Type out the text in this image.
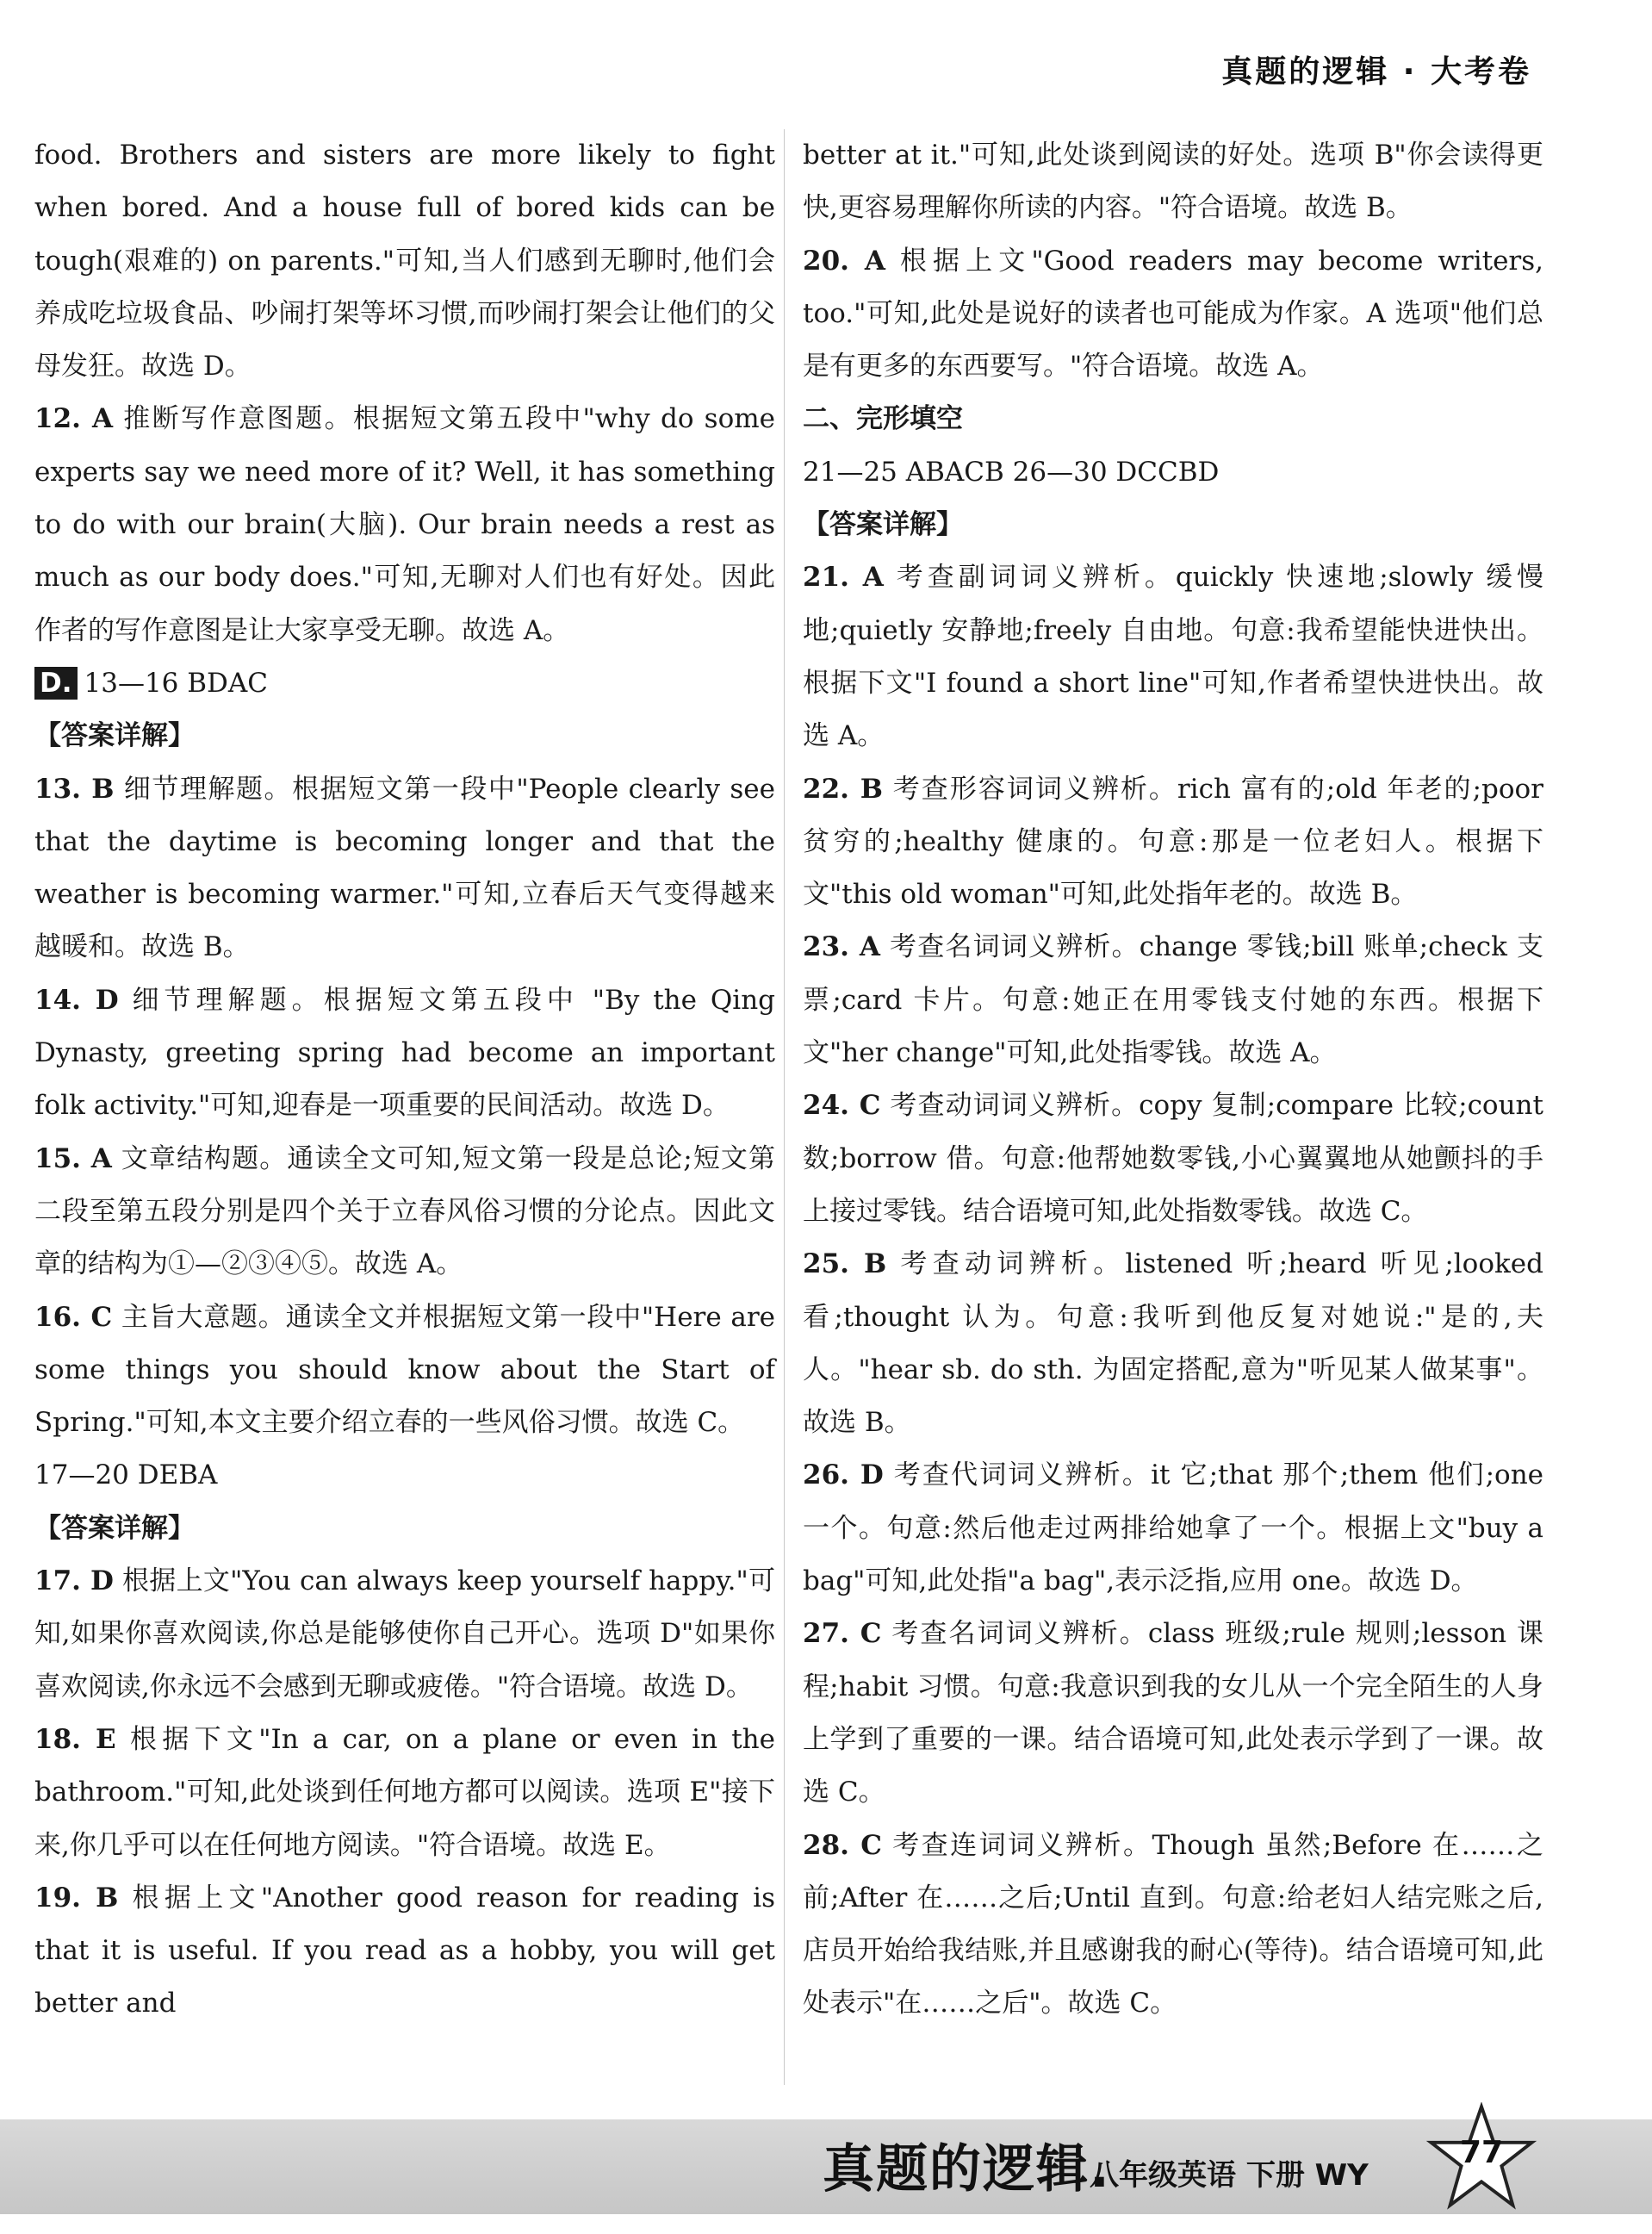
真题的逻辑 · 大考卷

food. Brothers and sisters are more likely to fight when bored. And a house full of bored kids can be tough(艰难的) on parents."可知,当人们感到无聊时,他们会养成吃垃圾食品、吵闹打架等坏习惯,而吵闹打架会让他们的父母发狂。故选 D。

12. A 推断写作意图题。根据短文第五段中"why do some experts say we need more of it? Well, it has something to do with our brain(大脑). Our brain needs a rest as much as our body does."可知,无聊对人们也有好处。因此作者的写作意图是让大家享受无聊。故选 A。

D. 13—16 BDAC

【答案详解】

13. B 细节理解题。根据短文第一段中"People clearly see that the daytime is becoming longer and that the weather is becoming warmer."可知,立春后天气变得越来越暖和。故选 B。

14. D 细节理解题。根据短文第五段中 "By the Qing Dynasty, greeting spring had become an important folk activity."可知,迎春是一项重要的民间活动。故选 D。

15. A 文章结构题。通读全文可知,短文第一段是总论;短文第二段至第五段分别是四个关于立春风俗习惯的分论点。因此文章的结构为①—②③④⑤。故选 A。

16. C 主旨大意题。通读全文并根据短文第一段中"Here are some things you should know about the Start of Spring."可知,本文主要介绍立春的一些风俗习惯。故选 C。

17—20 DEBA

【答案详解】

17. D 根据上文"You can always keep yourself happy."可知,如果你喜欢阅读,你总是能够使你自己开心。选项 D"如果你喜欢阅读,你永远不会感到无聊或疲倦。"符合语境。故选 D。

18. E 根据下文"In a car, on a plane or even in the bathroom."可知,此处谈到任何地方都可以阅读。选项 E"接下来,你几乎可以在任何地方阅读。"符合语境。故选 E。

19. B 根据上文"Another good reason for reading is that it is useful. If you read as a hobby, you will get better and

better at it."可知,此处谈到阅读的好处。选项 B"你会读得更快,更容易理解你所读的内容。"符合语境。故选 B。

20. A 根据上文"Good readers may become writers, too."可知,此处是说好的读者也可能成为作家。A 选项"他们总是有更多的东西要写。"符合语境。故选 A。

二、完形填空

21—25 ABACB 26—30 DCCBD

【答案详解】

21. A 考查副词词义辨析。quickly 快速地;slowly 缓慢地;quietly 安静地;freely 自由地。句意:我希望能快进快出。根据下文"I found a short line"可知,作者希望快进快出。故选 A。

22. B 考查形容词词义辨析。rich 富有的;old 年老的;poor 贫穷的;healthy 健康的。句意:那是一位老妇人。根据下文"this old woman"可知,此处指年老的。故选 B。

23. A 考查名词词义辨析。change 零钱;bill 账单;check 支票;card 卡片。句意:她正在用零钱支付她的东西。根据下文"her change"可知,此处指零钱。故选 A。

24. C 考查动词词义辨析。copy 复制;compare 比较;count 数;borrow 借。句意:他帮她数零钱,小心翼翼地从她颤抖的手上接过零钱。结合语境可知,此处指数零钱。故选 C。

25. B 考查动词辨析。listened 听;heard 听见;looked 看;thought 认为。句意:我听到他反复对她说:"是的,夫人。"hear sb. do sth. 为固定搭配,意为"听见某人做某事"。故选 B。

26. D 考查代词词义辨析。it 它;that 那个;them 他们;one 一个。句意:然后他走过两排给她拿了一个。根据上文"buy a bag"可知,此处指"a bag",表示泛指,应用 one。故选 D。

27. C 考查名词词义辨析。class 班级;rule 规则;lesson 课程;habit 习惯。句意:我意识到我的女儿从一个完全陌生的人身上学到了重要的一课。结合语境可知,此处表示学到了一课。故选 C。

28. C 考查连词词义辨析。Though 虽然;Before 在……之前;After 在……之后;Until 直到。句意:给老妇人结完账之后,店员开始给我结账,并且感谢我的耐心(等待)。结合语境可知,此处表示"在……之后"。故选 C。

真题的逻辑.
八年级英语 下册 WY
77
